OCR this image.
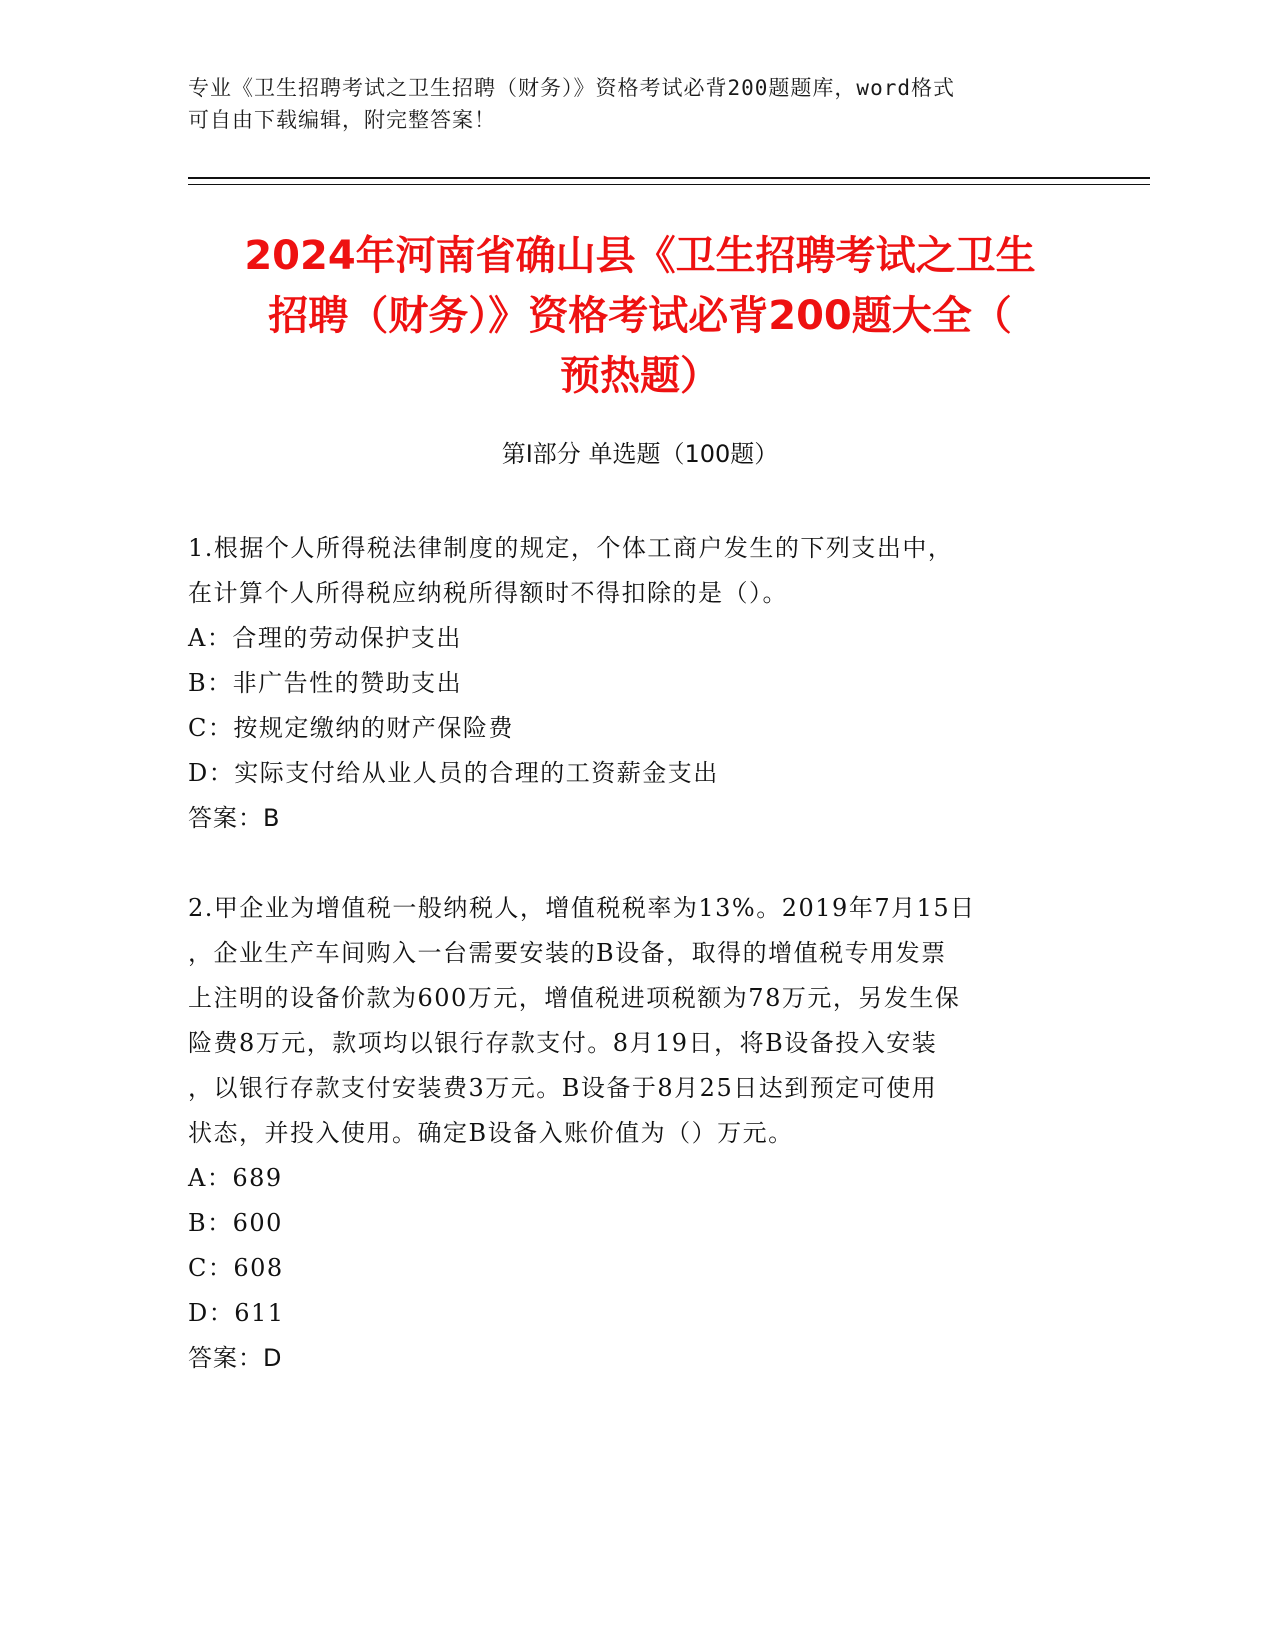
专业《卫生招聘考试之卫生招聘（财务）》资格考试必背200题题库，word格式
可自由下载编辑，附完整答案！
2024年河南省确山县《卫生招聘考试之卫生
招聘（财务）》资格考试必背200题大全（
预热题）
第I部分 单选题（100题）
1.根据个人所得税法律制度的规定，个体工商户发生的下列支出中，
在计算个人所得税应纳税所得额时不得扣除的是（）。
A：合理的劳动保护支出
B：非广告性的赞助支出
C：按规定缴纳的财产保险费
D：实际支付给从业人员的合理的工资薪金支出
答案：B
2.甲企业为增值税一般纳税人，增值税税率为13%。2019年7月15日
，企业生产车间购入一台需要安装的B设备，取得的增值税专用发票
上注明的设备价款为600万元，增值税进项税额为78万元，另发生保
险费8万元，款项均以银行存款支付。8月19日，将B设备投入安装
，以银行存款支付安装费3万元。B设备于8月25日达到预定可使用
状态，并投入使用。确定B设备入账价值为（）万元。
A：689
B：600
C：608
D：611
答案：D
